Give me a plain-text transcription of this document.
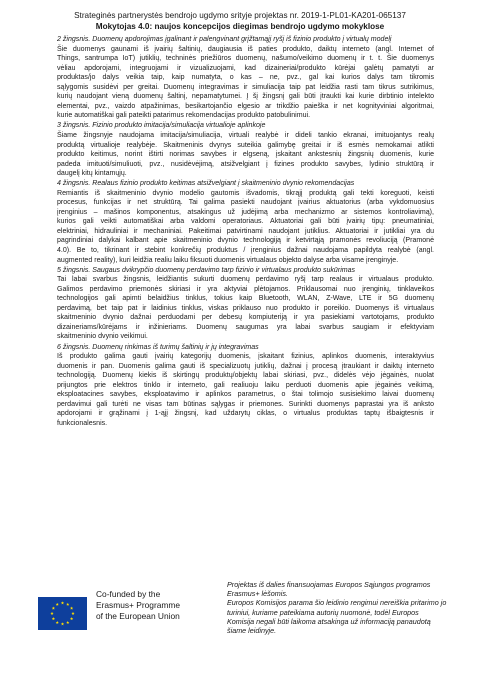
Strateginės partnerystės bendrojo ugdymo srityje projektas nr. 2019-1-PL01-KA201-065137
Mokytojas 4.0: naujos koncepcijos diegimas bendrojo ugdymo mokyklose
2 žingsnis. Duomenų apdorojimas įgalinant ir palengvinant grįžtamąjį ryšį iš fizinio produkto į virtualų modelį
Šie duomenys gaunami iš įvairių šaltinių, daugiausia iš paties produkto, daiktų interneto (angl. Internet of
Things, santrumpa IoT) jutiklių, techninės priežiūros duomenų, našumo/veikimo duomenų ir t. t. Šie duomenys
vėliau apdorojami, integruojami ir vizualizuojami, kad dizaineriai/produkto kūrėjai galėtų pamatyti ar
produktas/jo dalys veikia taip, kaip numatyta, o kas – ne, pvz., gal kai kurios dalys tam tikromis
sąlygomis susidėvi per greitai. Duomenų integravimas ir simuliacija taip pat leidžia rasti tam tikrus sutrikimus,
kurių naudojant vieną duomenų šaltinį, nepamatytumei. Į šį žingsnį gali būti įtraukti kai kurie dirbtinio intelekto
elementai, pvz., vaizdo atpažinimas, besikartojančio elgesio ar trikdžio paieška ir net kognityviniai algoritmai,
kurie automatiškai gali pateikti patarimus rekomendacijas produkto patobulinimui.
3 žingsnis. Fizinio produkto imitacija/simuliacija virtualioje aplinkoje
Šiame žingsnyje naudojama imitacija/simuliacija, virtuali realybė ir dideli tankio ekranai, imituojantys realų
produktą virtualioje realybėje. Skaitmeninis dvynys suteikia galimybę greitai ir iš esmės nemokamai atlikti
produkto keitimus, norint ištirti norimas savybes ir elgseną, įskaitant ankstesnių žingsnių duomenis, kurie
padeda imituoti/simuliuoti, pvz., nusidėvėjimą, atsižvelgiant į fizines produkto savybes, lydinio struktūrą ir
daugelį kitų kintamųjų.
4 žingsnis. Realaus fizinio produkto keitimas atsižvelgiant į skaitmeninio dvynio rekomendacijas
Remiantis iš skaitmeninio dvynio modelio gautomis išvadomis, tikrąjį produktą gali tekti koreguoti, keisti
procesus, funkcijas ir net struktūrą. Tai galima pasiekti naudojant įvairius aktuatorius (arba vykdomuosius
įrenginius – mašinos komponentus, atsakingus už judėjimą arba mechanizmo ar sistemos kontroliavimą),
kurios gali veikti automatiškai arba valdomi operatoriaus. Aktuatoriai gali būti įvairių tipų: pneumatiniai,
elektriniai, hidrauliniai ir mechaniniai. Pakeitimai patvirtinami naudojant jutiklius. Aktuatoriai ir jutikliai yra du
pagrindiniai dalykai kalbant apie skaitmeninio dvynio technologiją ir ketvirtąją pramonės revoliuciją (Pramonė
4.0). Be to, tikrinant ir stebint konkrečių produktus / įrenginius dažnai naudojama papildyta realybė (angl.
augmented reality), kuri leidžia realiu laiku fiksuoti duomenis virtualaus objekto dalyse arba visame įrenginyje.
5 žingsnis. Saugaus dvikrypčio duomenų perdavimo tarp fizinio ir virtualaus produkto sukūrimas
Tai labai svarbus žingsnis, leidžiantis sukurti duomenų perdavimo ryšį tarp realaus ir virtualaus produkto.
Galimos perdavimo priemonės skiriasi ir yra aktyviai plėtojamos. Priklausomai nuo įrenginių, tinklaveikos
technologijos gali apimti belaidžius tinklus, tokius kaip Bluetooth, WLAN, Z-Wave, LTE ir 5G duomenų
perdavimą, bet taip pat ir laidinius tinklus, viskas priklauso nuo produkto ir poreikio. Duomenys iš virtualaus
skaitmeninio dvynio dažnai perduodami per debesų kompiuteriją ir yra pasiekiami vartotojams, produkto
dizaineriams/kūrėjams ir inžinieriams. Duomenų saugumas yra labai svarbus saugiam ir efektyviam
skaitmeninio dvynio veikimui.
6 žingsnis. Duomenų rinkimas iš turimų šaltinių ir jų integravimas
Iš produkto galima gauti įvairių kategorijų duomenis, įskaitant fizinius, aplinkos duomenis, interaktyvius
duomenis ir pan. Duomenis galima gauti iš specializuotų jutiklių, dažnai į procesą įtraukiant ir daiktų interneto
technologiją. Duomenų kiekis iš skirtingų produktų/objektų labai skiriasi, pvz., didelės vėjo jėgainės, nuolat
prijungtos prie elektros tinklo ir interneto, gali realiuoju laiku perduoti duomenis apie jėgainės veikimą,
eksploatacines savybes, eksploatavimo ir aplinkos parametrus, o štai tolimojo susisiekimo laivai duomenų
perdavimui gali turėti ne visas tam būtinas sąlygas ir priemones. Surinkti duomenys paprastai yra iš anksto
apdorojami ir grąžinami į 1-ąjį žingsnį, kad uždarytų ciklas, o virtualus produktas taptų išbaigtesnis ir
funkcionalesnis.
Co-funded by the
Erasmus+ Programme
of the European Union
Projektas iš dalies finansuojamas Europos Sąjungos programos
Erasmus+ lėšomis.
Europos Komisijos parama šio leidinio rengimui nereiškia pritarimo jo
turiniui, kuriame pateikiama autorių nuomonė, todėl Europos
Komisija negali būti laikoma atsakinga už informaciją panaudotą
šiame leidinyje.
